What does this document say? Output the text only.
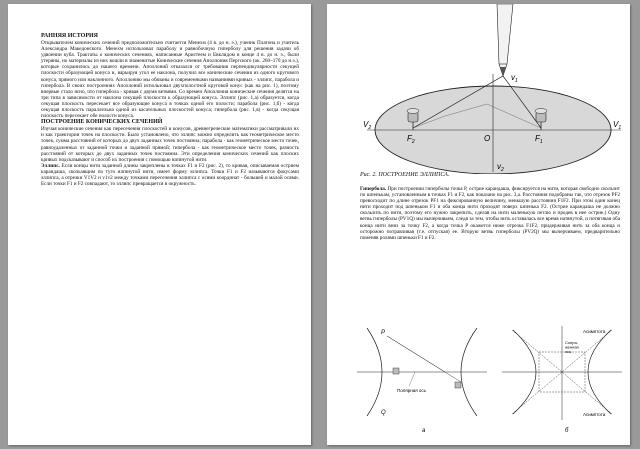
РАННЯЯ ИСТОРИЯ

Открывателем конических сечений предположительно считается Менехм (4 в. до н. э.), ученик Платона и учитель Александра Македонского. Менехм использовал параболу и равнобочную гиперболу для решения задачи об удвоении куба. Трактаты о конических сечениях, написанные Аристеем и Евклидом в конце 4 в. до н. э., были утеряны, но материалы из них вошли в знаменитые Конические сечения Аполлония Пергского (ок. 260–170 до н.э.), которые сохранились до нашего времени. Аполлоний отказался от требования перпендикулярности секущей плоскости образующей конуса и, варьируя угол ее наклона, получил все конические сечения из одного кругового конуса, прямого или наклонного. Аполлонию мы обязаны и современными названиями кривых - эллипс, парабола и гипербола. В своих построениях Аполлоний использовал двухполостной круговой конус (как на рис. 1), поэтому впервые стало ясно, что гипербола - кривая с двумя ветвями. Со времен Аполлония конические сечения делятся на три типа в зависимости от наклона секущей плоскости к образующей конуса. Эллипс (рис. 1,а) образуется, когда секущая плоскость пересекает все образующие конуса в точках одной его полости; парабола (рис. 1,б) - когда секущая плоскость параллельна одной из касательных плоскостей конуса; гипербола (рис. 1,в) - когда секущая плоскость пересекает обе полости конуса.

ПОСТРОЕНИЕ КОНИЧЕСКИХ СЕЧЕНИЙ

Изучая конические сечения как пересечения плоскостей и конусов, древнегреческие математики рассматривали их и как траектории точек на плоскости. Было установлено, что эллипс можно определить как геометрическое место точек, сумма расстояний от которых до двух заданных точек постоянна; парабола - как геометрическое место точек, равноудаленных от заданной точки и заданной прямой; гипербола - как геометрическое место точек, разность расстояний от которых до двух заданных точек постоянна. Эти определения конических сечений как плоских кривых подсказывают и способ их построения с помощью натянутой нити.

Эллипс. Если концы нити заданной длины закреплены в точках F1 и F2 (рис. 2), то кривая, описываемая острием карандаша, скользящим по туго натянутой нити, имеет форму эллипса. Точки F1 и F2 называются фокусами эллипса, а отрезки V1V2 и v1v2 между точками пересечения эллипса с осями координат - большей и малой осями. Если точки F1 и F2 совпадают, то эллипс превращается в окружность.

$v_1$
$V_2$	$V_1$
$F_2$	$F_1$
O
$v_2$
Рис. 2. ПОСТРОЕНИЕ ЭЛЛИПСА.
Гипербола. При построении гиперболы точка P, острие карандаша, фиксируется на нити, которая свободно скользит по шпенькам, установленным в точках F1 и F2, как показано на рис. 3,а. Расстояния подобраны так, что отрезок PF2 превосходит по длине отрезок PF1 на фиксированную величину, меньшую расстояния F1F2. При этом один конец нити проходит под шпеньком F1 и оба конца нити проходят поверх шпенька F2. (Острие карандаша не должно скользить по нити, поэтому его нужно закрепить, сделав на нити маленькую петлю и продев в нее острие.) Одну ветвь гиперболы (PV1Q) мы вычерчиваем, следя за тем, чтобы нить оставалась все время натянутой, и потягивая оба конца нити вниз за точку F2, а когда точка P окажется ниже отрезка F1F2, придерживая нить за оба конца и осторожно потравливая (т.е. отпуская) ее. Вторую ветвь гиперболы (PV2Q) мы вычерчиваем, предварительно поменяв ролями шпеньки F1 и F2.
P
Q
Полярная ось
а
Асимптота
Асимптота
Сопря-женная ось
б
